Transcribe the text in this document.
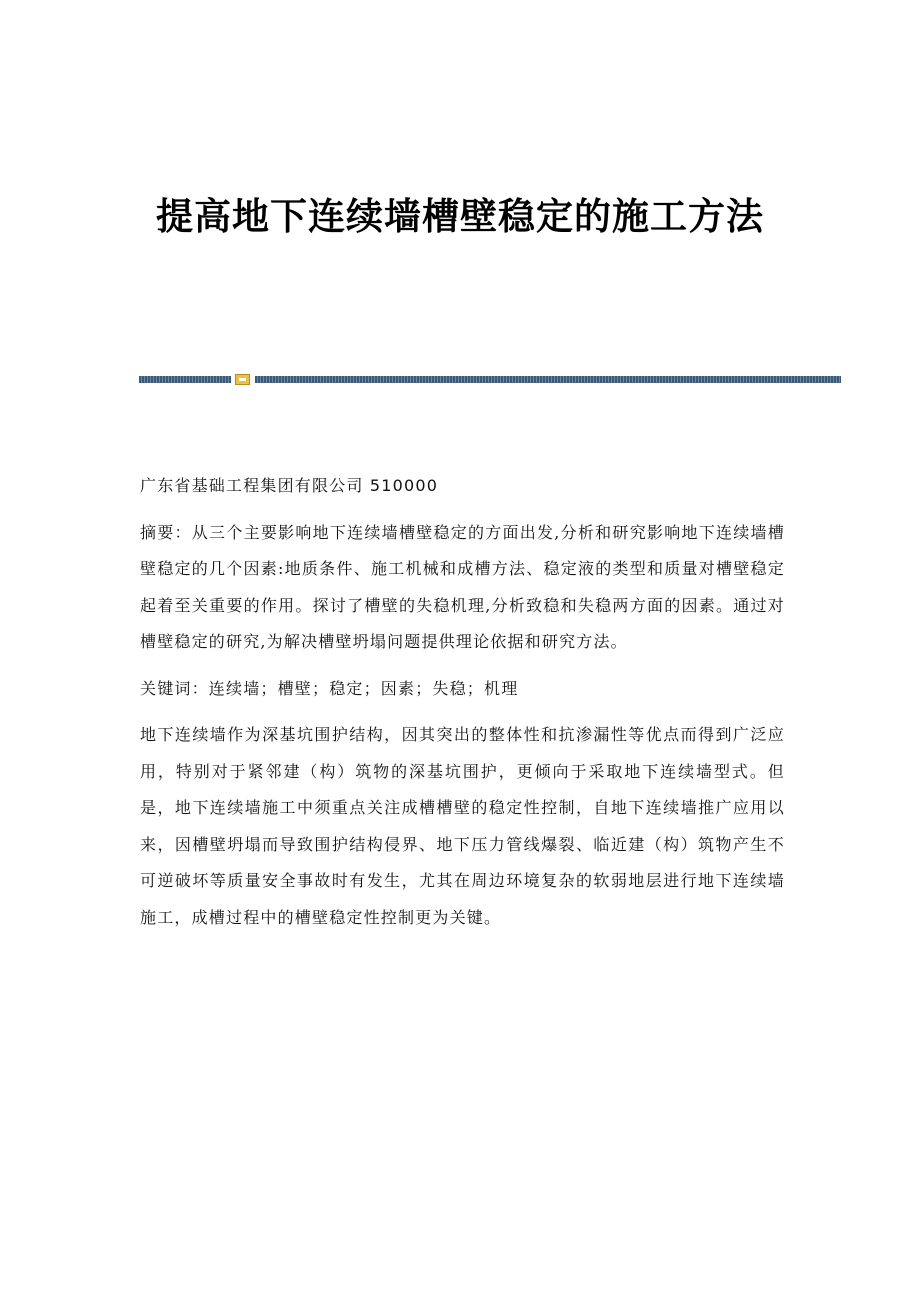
提高地下连续墙槽壁稳定的施工方法

广东省基础工程集团有限公司 510000

摘要：从三个主要影响地下连续墙槽壁稳定的方面出发,分析和研究影响地下连续墙槽壁稳定的几个因素:地质条件、施工机械和成槽方法、稳定液的类型和质量对槽壁稳定起着至关重要的作用。探讨了槽壁的失稳机理,分析致稳和失稳两方面的因素。通过对槽壁稳定的研究,为解决槽壁坍塌问题提供理论依据和研究方法。

关键词：连续墙；槽壁；稳定；因素；失稳；机理

地下连续墙作为深基坑围护结构，因其突出的整体性和抗渗漏性等优点而得到广泛应用，特别对于紧邻建（构）筑物的深基坑围护，更倾向于采取地下连续墙型式。但是，地下连续墙施工中须重点关注成槽槽壁的稳定性控制，自地下连续墙推广应用以来，因槽壁坍塌而导致围护结构侵界、地下压力管线爆裂、临近建（构）筑物产生不可逆破坏等质量安全事故时有发生，尤其在周边环境复杂的软弱地层进行地下连续墙施工，成槽过程中的槽壁稳定性控制更为关键。
